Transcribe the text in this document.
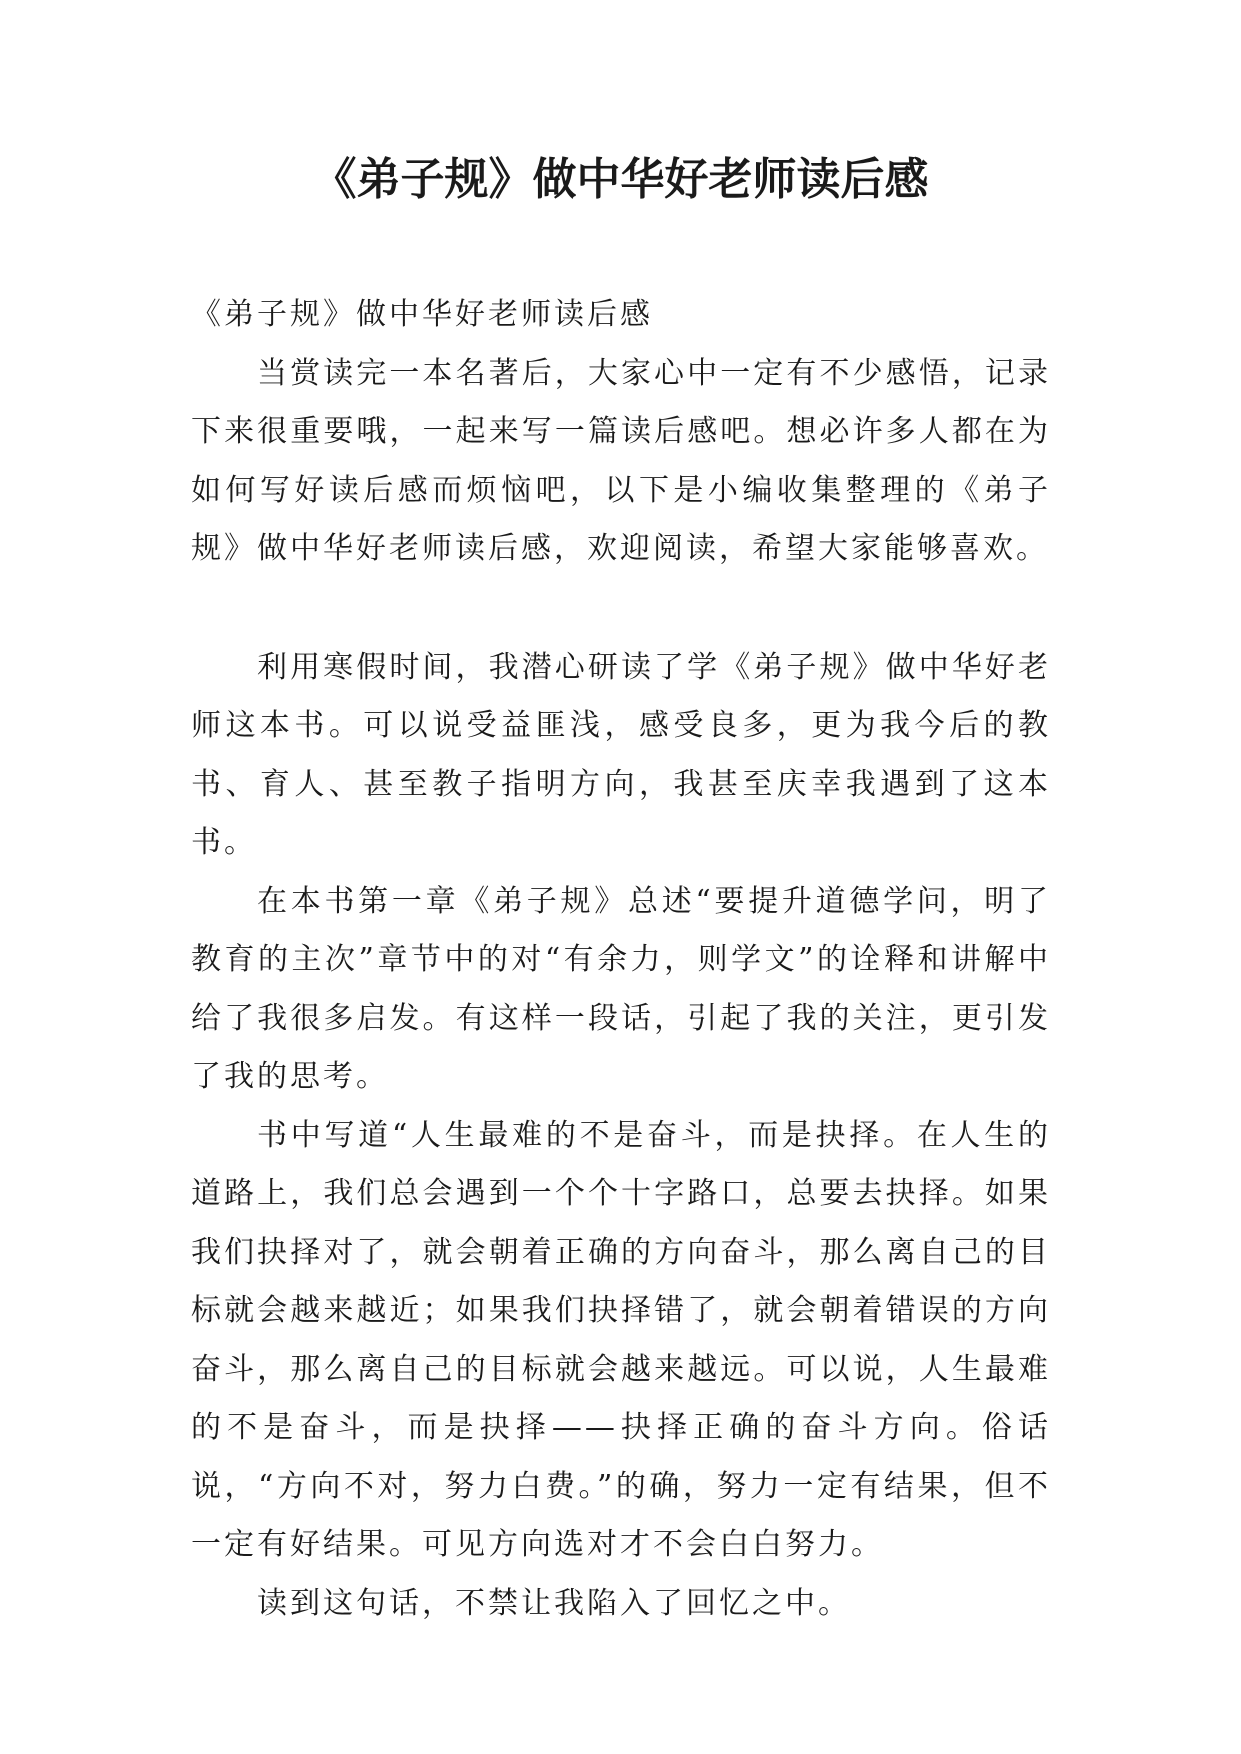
《弟子规》做中华好老师读后感

《弟子规》做中华好老师读后感

当赏读完一本名著后，大家心中一定有不少感悟，记录下来很重要哦，一起来写一篇读后感吧。想必许多人都在为如何写好读后感而烦恼吧，以下是小编收集整理的《弟子规》做中华好老师读后感，欢迎阅读，希望大家能够喜欢。

利用寒假时间，我潜心研读了学《弟子规》做中华好老师这本书。可以说受益匪浅，感受良多，更为我今后的教书、育人、甚至教子指明方向，我甚至庆幸我遇到了这本书。

在本书第一章《弟子规》总述“要提升道德学问，明了教育的主次”章节中的对“有余力，则学文”的诠释和讲解中给了我很多启发。有这样一段话，引起了我的关注，更引发了我的思考。

书中写道“人生最难的不是奋斗，而是抉择。在人生的道路上，我们总会遇到一个个十字路口，总要去抉择。如果我们抉择对了，就会朝着正确的方向奋斗，那么离自己的目标就会越来越近；如果我们抉择错了，就会朝着错误的方向奋斗，那么离自己的目标就会越来越远。可以说，人生最难的不是奋斗，而是抉择——抉择正确的奋斗方向。俗话说，“方向不对，努力白费。”的确，努力一定有结果，但不一定有好结果。可见方向选对才不会白白努力。

读到这句话，不禁让我陷入了回忆之中。
